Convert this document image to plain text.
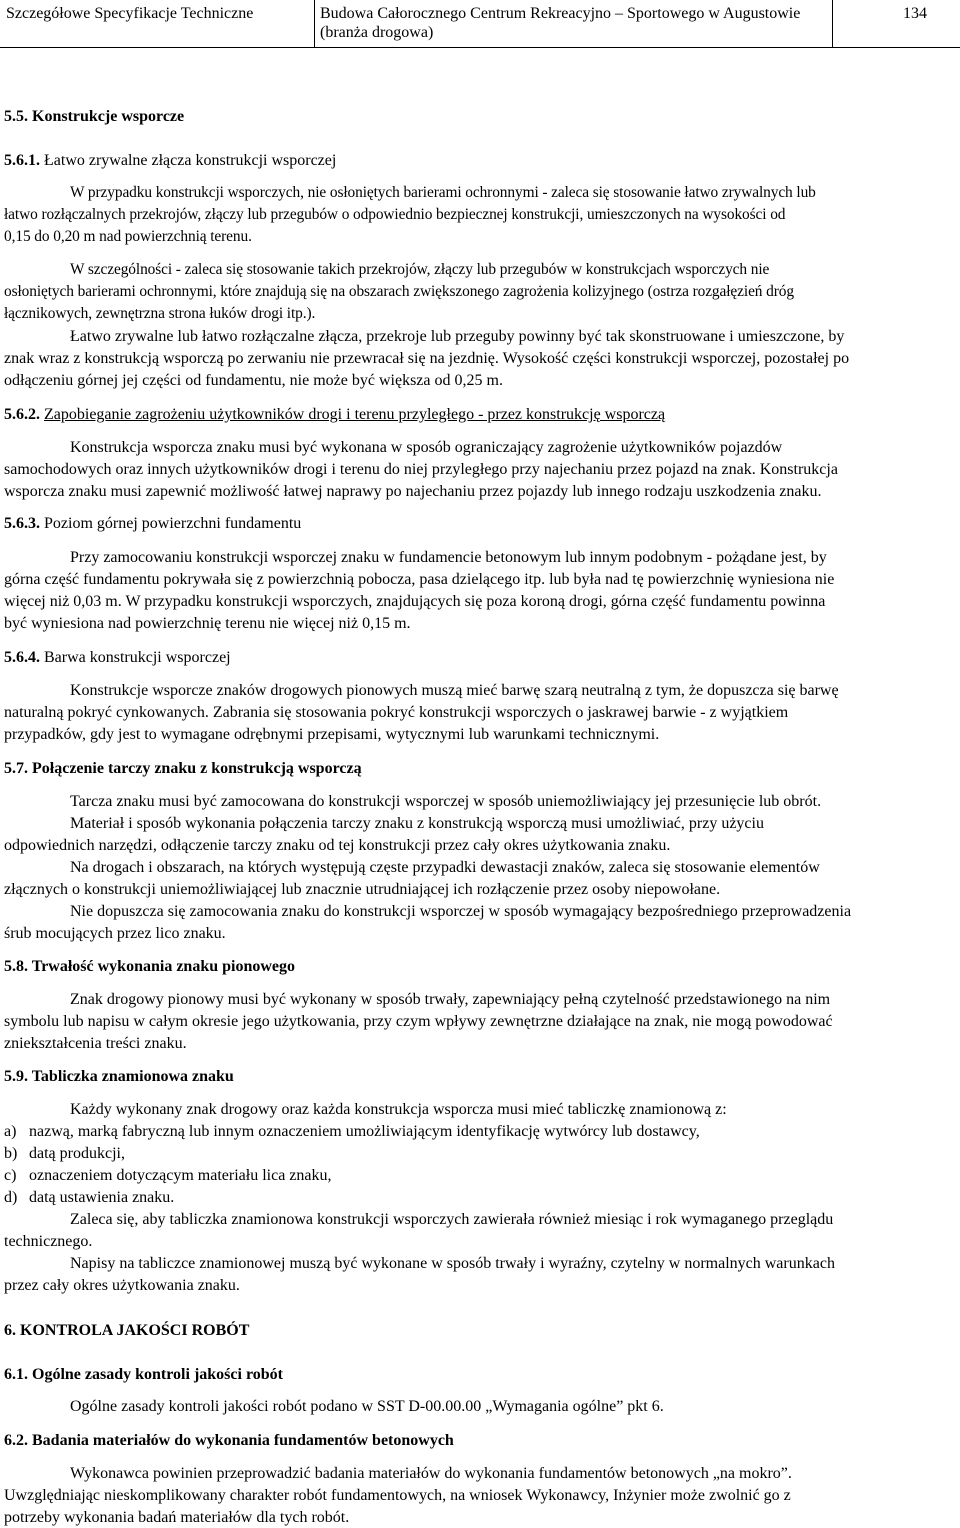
Szczegółowe Specyfikacje Techniczne	Budowa Całorocznego Centrum Rekreacyjno – Sportowego w Augustowie (branża drogowa)
134
5.5. Konstrukcje wsporcze
5.6.1. Łatwo zrywalne złącza konstrukcji wsporczej
W przypadku konstrukcji wsporczych, nie osłoniętych barierami ochronnymi - zaleca się stosowanie łatwo zrywalnych lub
łatwo rozłączalnych przekrojów, złączy lub przegubów o odpowiednio bezpiecznej konstrukcji, umieszczonych na wysokości od
0,15 do 0,20 m nad powierzchnią terenu.
W szczególności - zaleca się stosowanie takich przekrojów, złączy lub przegubów w konstrukcjach wsporczych nie
osłoniętych barierami ochronnymi, które znajdują się na obszarach zwiększonego zagrożenia kolizyjnego (ostrza rozgałęzień dróg
łącznikowych, zewnętrzna strona łuków drogi itp.).
Łatwo zrywalne lub łatwo rozłączalne złącza, przekroje lub przeguby powinny być tak skonstruowane i umieszczone, by
znak wraz z konstrukcją wsporczą po zerwaniu nie przewracał się na jezdnię. Wysokość części konstrukcji wsporczej, pozostałej po
odłączeniu górnej jej części od fundamentu, nie może być większa od 0,25 m.
5.6.2. Zapobieganie zagrożeniu użytkowników drogi i terenu przyległego - przez konstrukcję wsporczą
Konstrukcja wsporcza znaku musi być wykonana w sposób ograniczający zagrożenie użytkowników pojazdów
samochodowych oraz innych użytkowników drogi i terenu do niej przyległego przy najechaniu przez pojazd na znak. Konstrukcja
wsporcza znaku musi zapewnić możliwość łatwej naprawy po najechaniu przez pojazdy lub innego rodzaju uszkodzenia znaku.
5.6.3. Poziom górnej powierzchni fundamentu
Przy zamocowaniu konstrukcji wsporczej znaku w fundamencie betonowym lub innym podobnym - pożądane jest, by
górna część fundamentu pokrywała się z powierzchnią pobocza, pasa dzielącego itp. lub była nad tę powierzchnię wyniesiona nie
więcej niż 0,03 m. W przypadku konstrukcji wsporczych, znajdujących się poza koroną drogi, górna część fundamentu powinna
być wyniesiona nad powierzchnię terenu nie więcej niż 0,15 m.
5.6.4. Barwa konstrukcji wsporczej
Konstrukcje wsporcze znaków drogowych pionowych muszą mieć barwę szarą neutralną z tym, że dopuszcza się barwę
naturalną pokryć cynkowanych. Zabrania się stosowania pokryć konstrukcji wsporczych o jaskrawej barwie - z wyjątkiem
przypadków, gdy jest to wymagane odrębnymi przepisami, wytycznymi lub warunkami technicznymi.
5.7. Połączenie tarczy znaku z konstrukcją wsporczą
Tarcza znaku musi być zamocowana do konstrukcji wsporczej w sposób uniemożliwiający jej przesunięcie lub obrót.
Materiał i sposób wykonania połączenia tarczy znaku z konstrukcją wsporczą musi umożliwiać, przy użyciu
odpowiednich narzędzi, odłączenie tarczy znaku od tej konstrukcji przez cały okres użytkowania znaku.
Na drogach i obszarach, na których występują częste przypadki dewastacji znaków, zaleca się stosowanie elementów
złącznych o konstrukcji uniemożliwiającej lub znacznie utrudniającej ich rozłączenie przez osoby niepowołane.
Nie dopuszcza się zamocowania znaku do konstrukcji wsporczej w sposób wymagający bezpośredniego przeprowadzenia
śrub mocujących przez lico znaku.
5.8. Trwałość wykonania znaku pionowego
Znak drogowy pionowy musi być wykonany w sposób trwały, zapewniający pełną czytelność przedstawionego na nim
symbolu lub napisu w całym okresie jego użytkowania, przy czym wpływy zewnętrzne działające na znak, nie mogą powodować
zniekształcenia treści znaku.
5.9. Tabliczka znamionowa znaku
Każdy wykonany znak drogowy oraz każda konstrukcja wsporcza musi mieć tabliczkę znamionową z:
a) nazwą, marką fabryczną lub innym oznaczeniem umożliwiającym identyfikację wytwórcy lub dostawcy,
b) datą produkcji,
c) oznaczeniem dotyczącym materiału lica znaku,
d) datą ustawienia znaku.
Zaleca się, aby tabliczka znamionowa konstrukcji wsporczych zawierała również miesiąc i rok wymaganego przeglądu
technicznego.
Napisy na tabliczce znamionowej muszą być wykonane w sposób trwały i wyraźny, czytelny w normalnych warunkach
przez cały okres użytkowania znaku.
6. KONTROLA JAKOŚCI ROBÓT
6.1. Ogólne zasady kontroli jakości robót
Ogólne zasady kontroli jakości robót podano w SST D-00.00.00 „Wymagania ogólne” pkt 6.
6.2. Badania materiałów do wykonania fundamentów betonowych
Wykonawca powinien przeprowadzić badania materiałów do wykonania fundamentów betonowych „na mokro”.
Uwzględniając nieskomplikowany charakter robót fundamentowych, na wniosek Wykonawcy, Inżynier może zwolnić go z
potrzeby wykonania badań materiałów dla tych robót.
